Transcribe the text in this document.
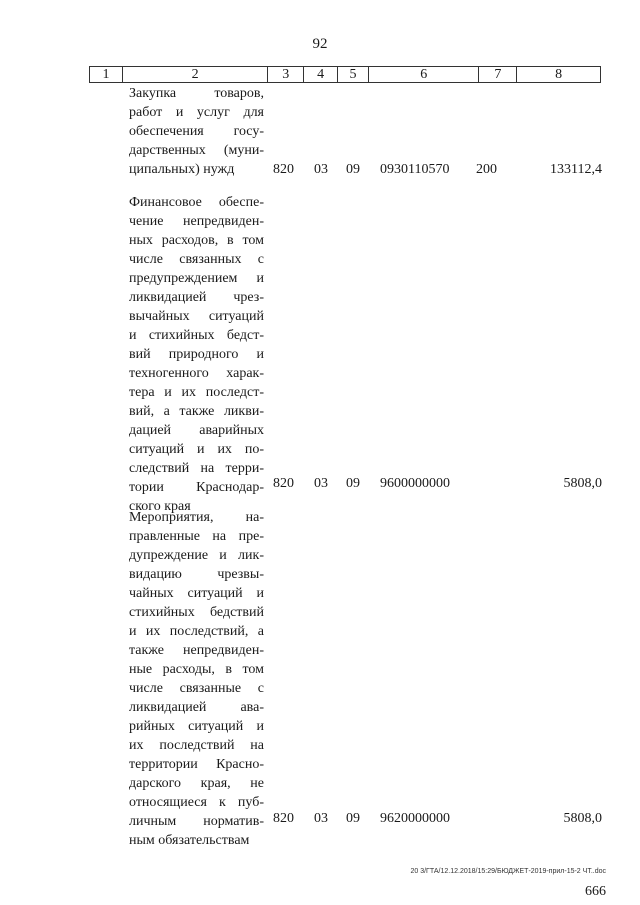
92
1	2	3	4	5	6	7	8
Закупка товаров,
работ и услуг для
обеспечения госу-
дарственных (муни-
ципальных) нужд	820 03 09 0930110570 200	133112,4
Финансовое обеспе-
чение непредвиден-
ных расходов, в том
числе связанных с
предупреждением и
ликвидацией чрез-
вычайных ситуаций
и стихийных бедст-
вий природного и
техногенного харак-
тера и их последст-
вий, а также ликви-
дацией аварийных
ситуаций и их по-
следствий на терри-
тории Краснодар-
ского края
820 03 09 9600000000	5808,0
Мероприятия, на-
правленные на пре-
дупреждение и лик-
видацию чрезвы-
чайных ситуаций и
стихийных бедствий
и их последствий, а
также непредвиден-
ные расходы, в том
числе связанные с
ликвидацией ава-
рийных ситуаций и
их последствий на
территории Красно-
дарского края, не
относящиеся к пуб-
личным норматив-
ным обязательствам
820 03 09 9620000000	5808,0
20 3/ГТА/12.12.2018/15:29/БЮДЖЕТ-2019-прил-15-2 ЧТ..doc
666
